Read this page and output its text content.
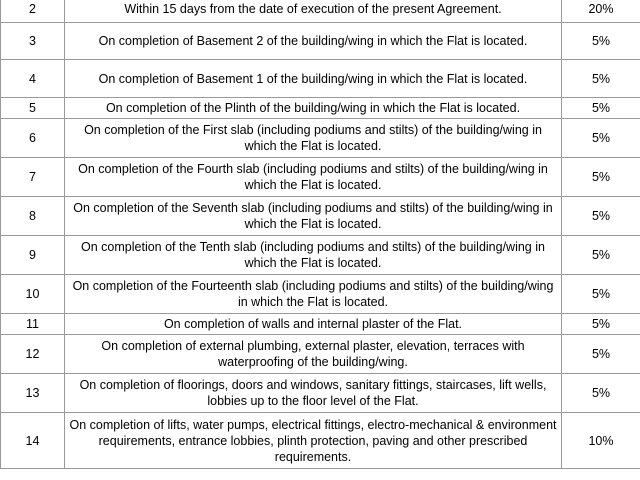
2	Within 15 days from the date of execution of the present Agreement.	20%
3	On completion of Basement 2 of the building/wing in which the Flat is located.	5%
4	On completion of Basement 1 of the building/wing in which the Flat is located.	5%
5	On completion of the Plinth of the building/wing in which the Flat is located.	5%
6	On completion of the First slab (including podiums and stilts) of the building/wing in which the Flat is located.	5%
7	On completion of the Fourth slab (including podiums and stilts) of the building/wing in which the Flat is located.	5%
8	On completion of the Seventh slab (including podiums and stilts) of the building/wing in which the Flat is located.	5%
9	On completion of the Tenth slab (including podiums and stilts) of the building/wing in which the Flat is located.	5%
10	On completion of the Fourteenth slab (including podiums and stilts) of the building/wing in which the Flat is located.	5%
11	On completion of walls and internal plaster of the Flat.	5%
12	On completion of external plumbing, external plaster, elevation, terraces with waterproofing of the building/wing.	5%
13	On completion of floorings, doors and windows, sanitary fittings, staircases, lift wells, lobbies up to the floor level of the Flat.	5%
14	On completion of lifts, water pumps, electrical fittings, electro-mechanical & environment requirements, entrance lobbies, plinth protection, paving and other prescribed requirements.	10%
